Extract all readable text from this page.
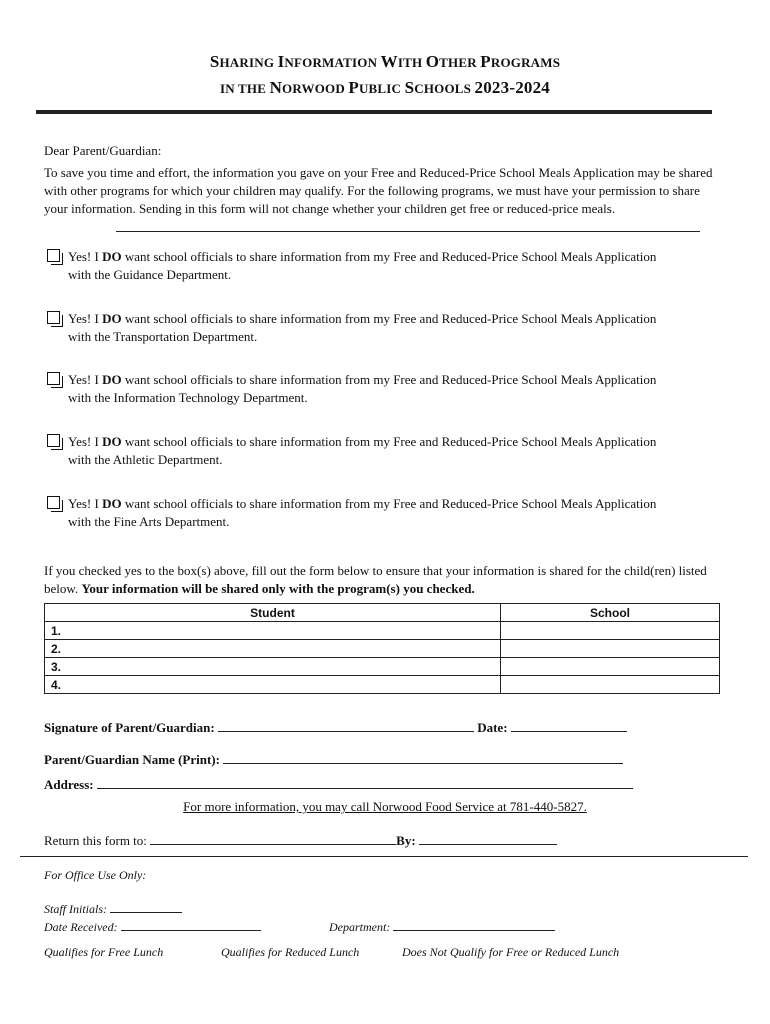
SHARING INFORMATION WITH OTHER PROGRAMS
IN THE NORWOOD PUBLIC SCHOOLS 2023-2024
Dear Parent/Guardian:
To save you time and effort, the information you gave on your Free and Reduced-Price School Meals Application may be shared with other programs for which your children may qualify. For the following programs, we must have your permission to share your information. Sending in this form will not change whether your children get free or reduced-price meals.
Yes! I DO want school officials to share information from my Free and Reduced-Price School Meals Application
with the Guidance Department.
Yes! I DO want school officials to share information from my Free and Reduced-Price School Meals Application
with the Transportation Department.
Yes! I DO want school officials to share information from my Free and Reduced-Price School Meals Application
with the Information Technology Department.
Yes! I DO want school officials to share information from my Free and Reduced-Price School Meals Application
with the Athletic Department.
Yes! I DO want school officials to share information from my Free and Reduced-Price School Meals Application
with the Fine Arts Department.
If you checked yes to the box(s) above, fill out the form below to ensure that your information is shared for the child(ren) listed below. Your information will be shared only with the program(s) you checked.
Student	School
1.	
2.	
3.	
4.	
Signature of Parent/Guardian:	Date:
Parent/Guardian Name (Print):
Address:
For more information, you may call Norwood Food Service at 781-440-5827.
Return this form to:	By:
For Office Use Only:
Staff Initials:
Date Received:	Department:
Qualifies for Free Lunch	Qualifies for Reduced Lunch	Does Not Qualify for Free or Reduced Lunch
